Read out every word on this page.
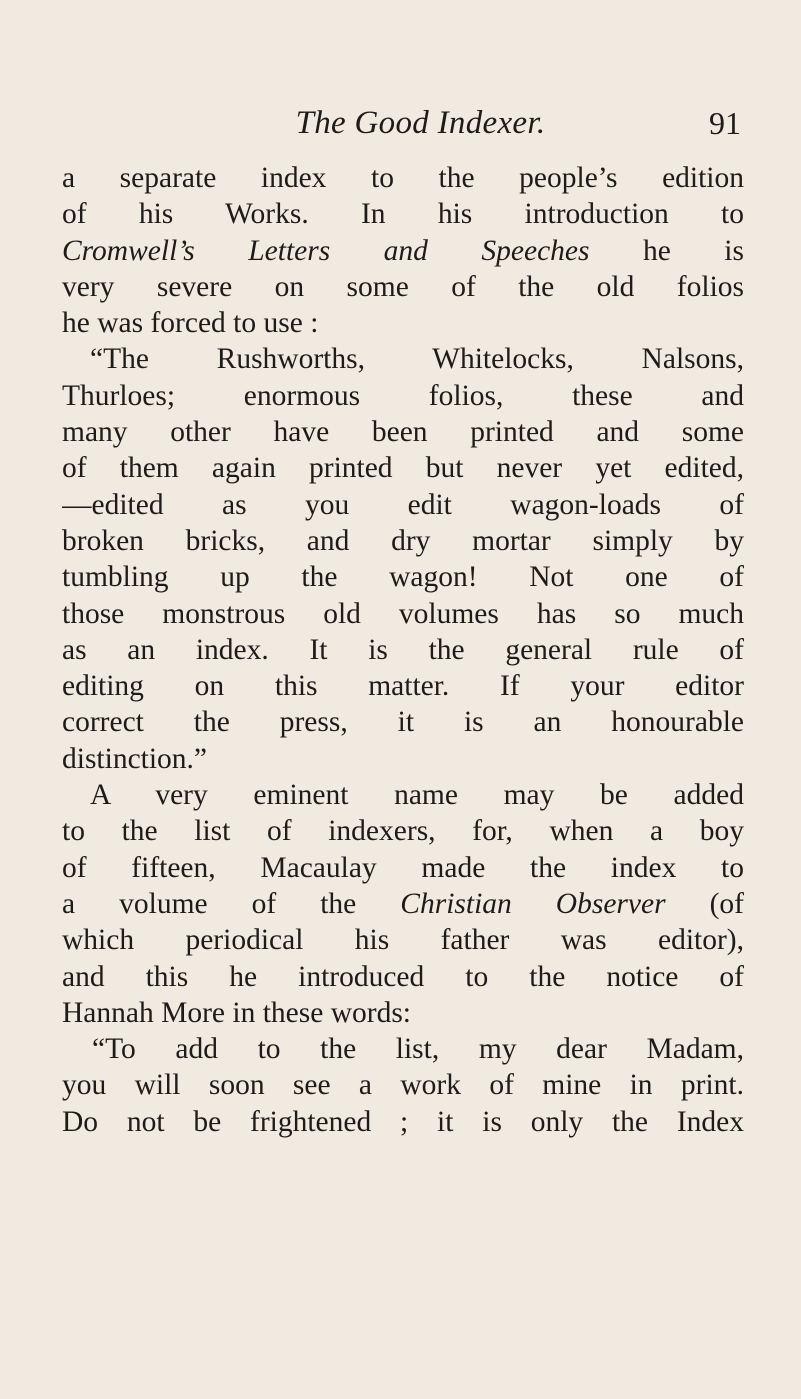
The Good Indexer.	91
a separate index to the people’s edition
of his Works. In his introduction to
Cromwell’s Letters and Speeches he is
very severe on some of the old folios
he was forced to use :
“The Rushworths, Whitelocks, Nalsons,
Thurloes; enormous folios, these and
many other have been printed and some
of them again printed but never yet edited,
—edited as you edit wagon-loads of
broken bricks, and dry mortar simply by
tumbling up the wagon! Not one of
those monstrous old volumes has so much
as an index. It is the general rule of
editing on this matter. If your editor
correct the press, it is an honourable
distinction.”
A very eminent name may be added
to the list of indexers, for, when a boy
of fifteen, Macaulay made the index to
a volume of the Christian Observer (of
which periodical his father was editor),
and this he introduced to the notice of
Hannah More in these words:
“To add to the list, my dear Madam,
you will soon see a work of mine in print.
Do not be frightened ; it is only the Index
